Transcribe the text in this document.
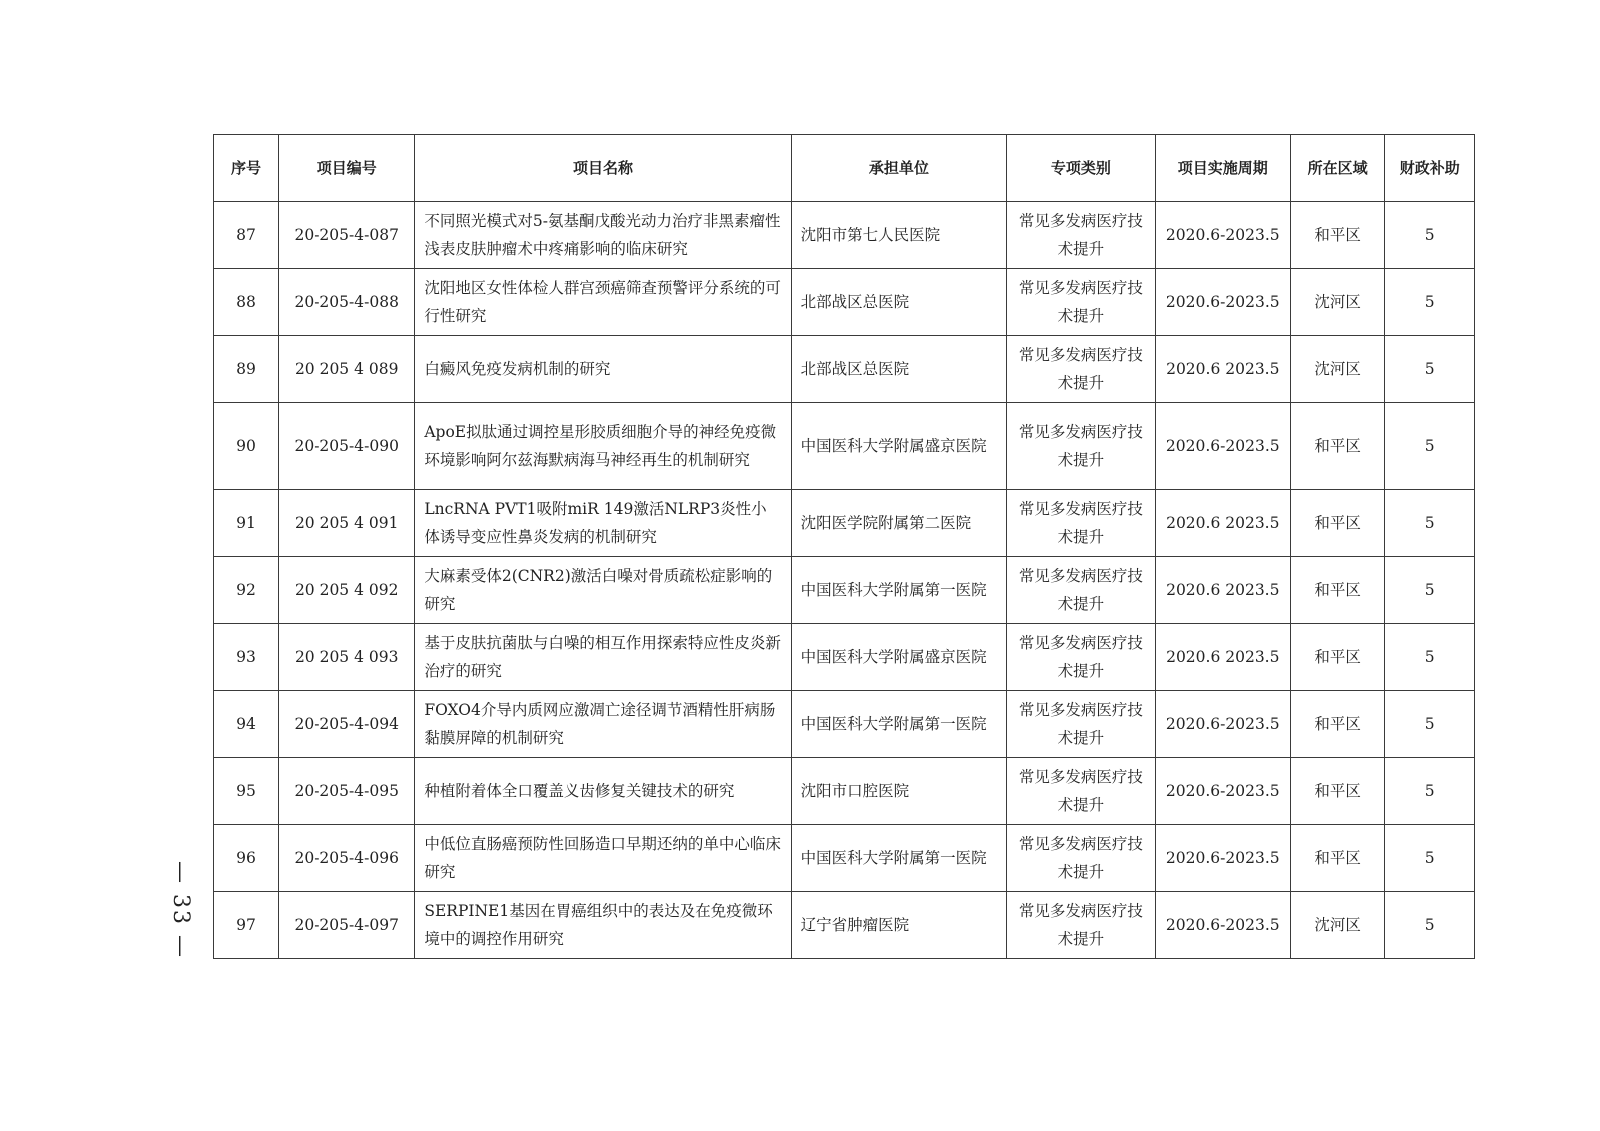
序号	项目编号	项目名称	承担单位	专项类别	项目实施周期	所在区域	财政补助
87	20-205-4-087	不同照光模式对5-氨基酮戊酸光动力治疗非黑素瘤性浅表皮肤肿瘤术中疼痛影响的临床研究	沈阳市第七人民医院	常见多发病医疗技术提升	2020.6-2023.5	和平区	5
88	20-205-4-088	沈阳地区女性体检人群宫颈癌筛查预警评分系统的可行性研究	北部战区总医院	常见多发病医疗技术提升	2020.6-2023.5	沈河区	5
89	20 205 4 089	白癜风免疫发病机制的研究	北部战区总医院	常见多发病医疗技术提升	2020.6 2023.5	沈河区	5
90	20-205-4-090	ApoE拟肽通过调控星形胶质细胞介导的神经免疫微环境影响阿尔兹海默病海马神经再生的机制研究	中国医科大学附属盛京医院	常见多发病医疗技术提升	2020.6-2023.5	和平区	5
91	20 205 4 091	LncRNA PVT1吸附miR 149激活NLRP3炎性小体诱导变应性鼻炎发病的机制研究	沈阳医学院附属第二医院	常见多发病医疗技术提升	2020.6 2023.5	和平区	5
92	20 205 4 092	大麻素受体2(CNR2)激活白噪对骨质疏松症影响的研究	中国医科大学附属第一医院	常见多发病医疗技术提升	2020.6 2023.5	和平区	5
93	20 205 4 093	基于皮肤抗菌肽与白噪的相互作用探索特应性皮炎新治疗的研究	中国医科大学附属盛京医院	常见多发病医疗技术提升	2020.6 2023.5	和平区	5
94	20-205-4-094	FOXO4介导内质网应激凋亡途径调节酒精性肝病肠黏膜屏障的机制研究	中国医科大学附属第一医院	常见多发病医疗技术提升	2020.6-2023.5	和平区	5
95	20-205-4-095	种植附着体全口覆盖义齿修复关键技术的研究	沈阳市口腔医院	常见多发病医疗技术提升	2020.6-2023.5	和平区	5
96	20-205-4-096	中低位直肠癌预防性回肠造口早期还纳的单中心临床研究	中国医科大学附属第一医院	常见多发病医疗技术提升	2020.6-2023.5	和平区	5
97	20-205-4-097	SERPINE1基因在胃癌组织中的表达及在免疫微环境中的调控作用研究	辽宁省肿瘤医院	常见多发病医疗技术提升	2020.6-2023.5	沈河区	5
— 33 —
